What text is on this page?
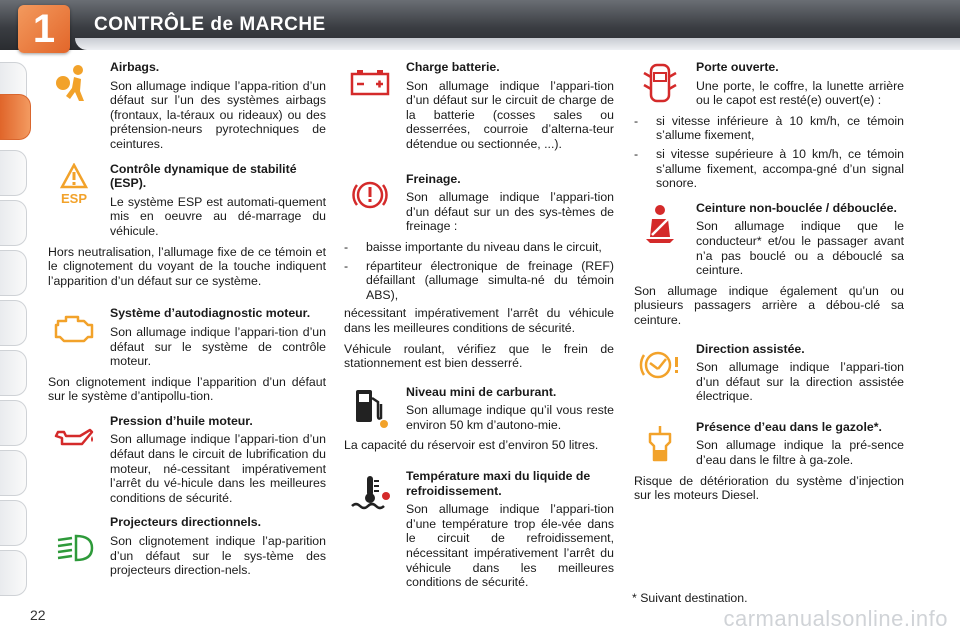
1	CONTRÔLE de MARCHE

Airbags.

Son allumage indique l’appa-rition d’un défaut sur l’un des systèmes airbags (frontaux, la-téraux ou rideaux) ou des prétension-neurs pyrotechniques de ceintures.

ESP

Contrôle dynamique de stabilité (ESP).

Le système ESP est automati-quement mis en oeuvre au dé-marrage du véhicule.

Hors neutralisation, l’allumage fixe de ce témoin et le clignotement du voyant de la touche indiquent l’apparition d’un défaut sur ce système.

Système d’autodiagnostic moteur.

Son allumage indique l’appari-tion d’un défaut sur le système de contrôle moteur.

Son clignotement indique l’apparition d’un défaut sur le système d’antipollu-tion.

Pression d’huile moteur.

Son allumage indique l’appari-tion d’un défaut dans le circuit de lubrification du moteur, né-cessitant impérativement l’arrêt du vé-hicule dans les meilleures conditions de sécurité.

Projecteurs directionnels.

Son clignotement indique l’ap-parition d’un défaut sur le sys-tème des projecteurs direction-nels.

Charge batterie.

Son allumage indique l’appari-tion d’un défaut sur le circuit de charge de la batterie (cosses sales ou desserrées, courroie d’alterna-teur détendue ou sectionnée, ...).

Freinage.

Son allumage indique l’appari-tion d’un défaut sur un des sys-tèmes de freinage :

-	baisse importante du niveau dans le circuit,
-	répartiteur électronique de freinage (REF) défaillant (allumage simulta-né du témoin ABS),

nécessitant impérativement l’arrêt du véhicule dans les meilleures conditions de sécurité.

Véhicule roulant, vérifiez que le frein de stationnement est bien desserré.

Niveau mini de carburant.

Son allumage indique qu’il vous reste environ 50 km d’autono-mie.

La capacité du réservoir est d’environ 50 litres.

Température maxi du liquide de refroidissement.

Son allumage indique l’appari-tion d’une température trop éle-vée dans le circuit de refroidissement, nécessitant impérativement l’arrêt du véhicule dans les meilleures conditions de sécurité.

Porte ouverte.

Une porte, le coffre, la lunette arrière ou le capot est resté(e) ouvert(e) :

-	si vitesse inférieure à 10 km/h, ce témoin s’allume fixement,
-	si vitesse supérieure à 10 km/h, ce témoin s’allume fixement, accompa-gné d’un signal sonore.

Ceinture non-bouclée / débouclée.

Son allumage indique que le conducteur* et/ou le passager avant n’a pas bouclé ou a débouclé sa ceinture.

Son allumage indique également qu’un ou plusieurs passagers arrière a débou-clé sa ceinture.

Direction assistée.

Son allumage indique l’appari-tion d’un défaut sur la direction assistée électrique.

Présence d’eau dans le gazole*.

Son allumage indique la pré-sence d’eau dans le filtre à ga-zole.

Risque de détérioration du système d’injection sur les moteurs Diesel.

* Suivant destination.
22	carmanualsonline.info
